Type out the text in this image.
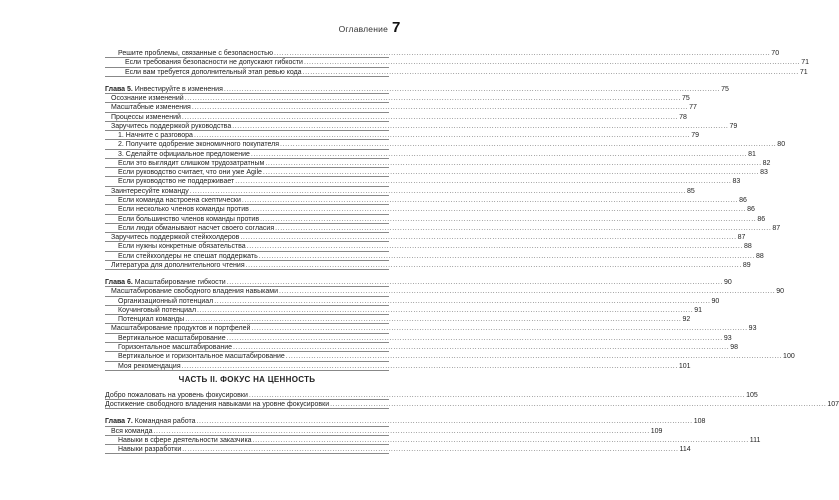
Оглавление 7
Решите проблемы, связанные с безопасностью .....	70
Если требования безопасности не допускают гибкости .....	71
Если вам требуется дополнительный этап ревью кода .....	71
Глава 5. Инвестируйте в изменения .....	75
Осознание изменений .....	75
Масштабные изменения .....	77
Процессы изменений .....	78
Заручитесь поддержкой руководства .....	79
1. Начните с разговора .....	79
2. Получите одобрение экономичного покупателя .....	80
3. Сделайте официальное предложение .....	81
Если это выглядит слишком трудозатратным .....	82
Если руководство считает, что они уже Agile .....	83
Если руководство не поддерживает .....	83
Заинтересуйте команду .....	85
Если команда настроена скептически .....	86
Если несколько членов команды против .....	86
Если большинство членов команды против .....	86
Если люди обманывают насчет своего согласия .....	87
Заручитесь поддержкой стейкхолдеров .....	87
Если нужны конкретные обязательства .....	88
Если стейкхолдеры не спешат поддержать .....	88
Литература для дополнительного чтения .....	89
Глава 6. Масштабирование гибкости .....	90
Масштабирование свободного владения навыками .....	90
Организационный потенциал .....	90
Коучинговый потенциал .....	91
Потенциал команды .....	92
Масштабирование продуктов и портфелей .....	93
Вертикальное масштабирование .....	93
Горизонтальное масштабирование .....	98
Вертикальное и горизонтальное масштабирование .....	100
Моя рекомендация .....	101
ЧАСТЬ II. ФОКУС НА ЦЕННОСТЬ
Добро пожаловать на уровень фокусировки .....	105
Достижение свободного владения навыками на уровне фокусировки .....	107
Глава 7. Командная работа .....	108
Вся команда .....	109
Навыки в сфере деятельности заказчика .....	111
Навыки разработки .....	114
